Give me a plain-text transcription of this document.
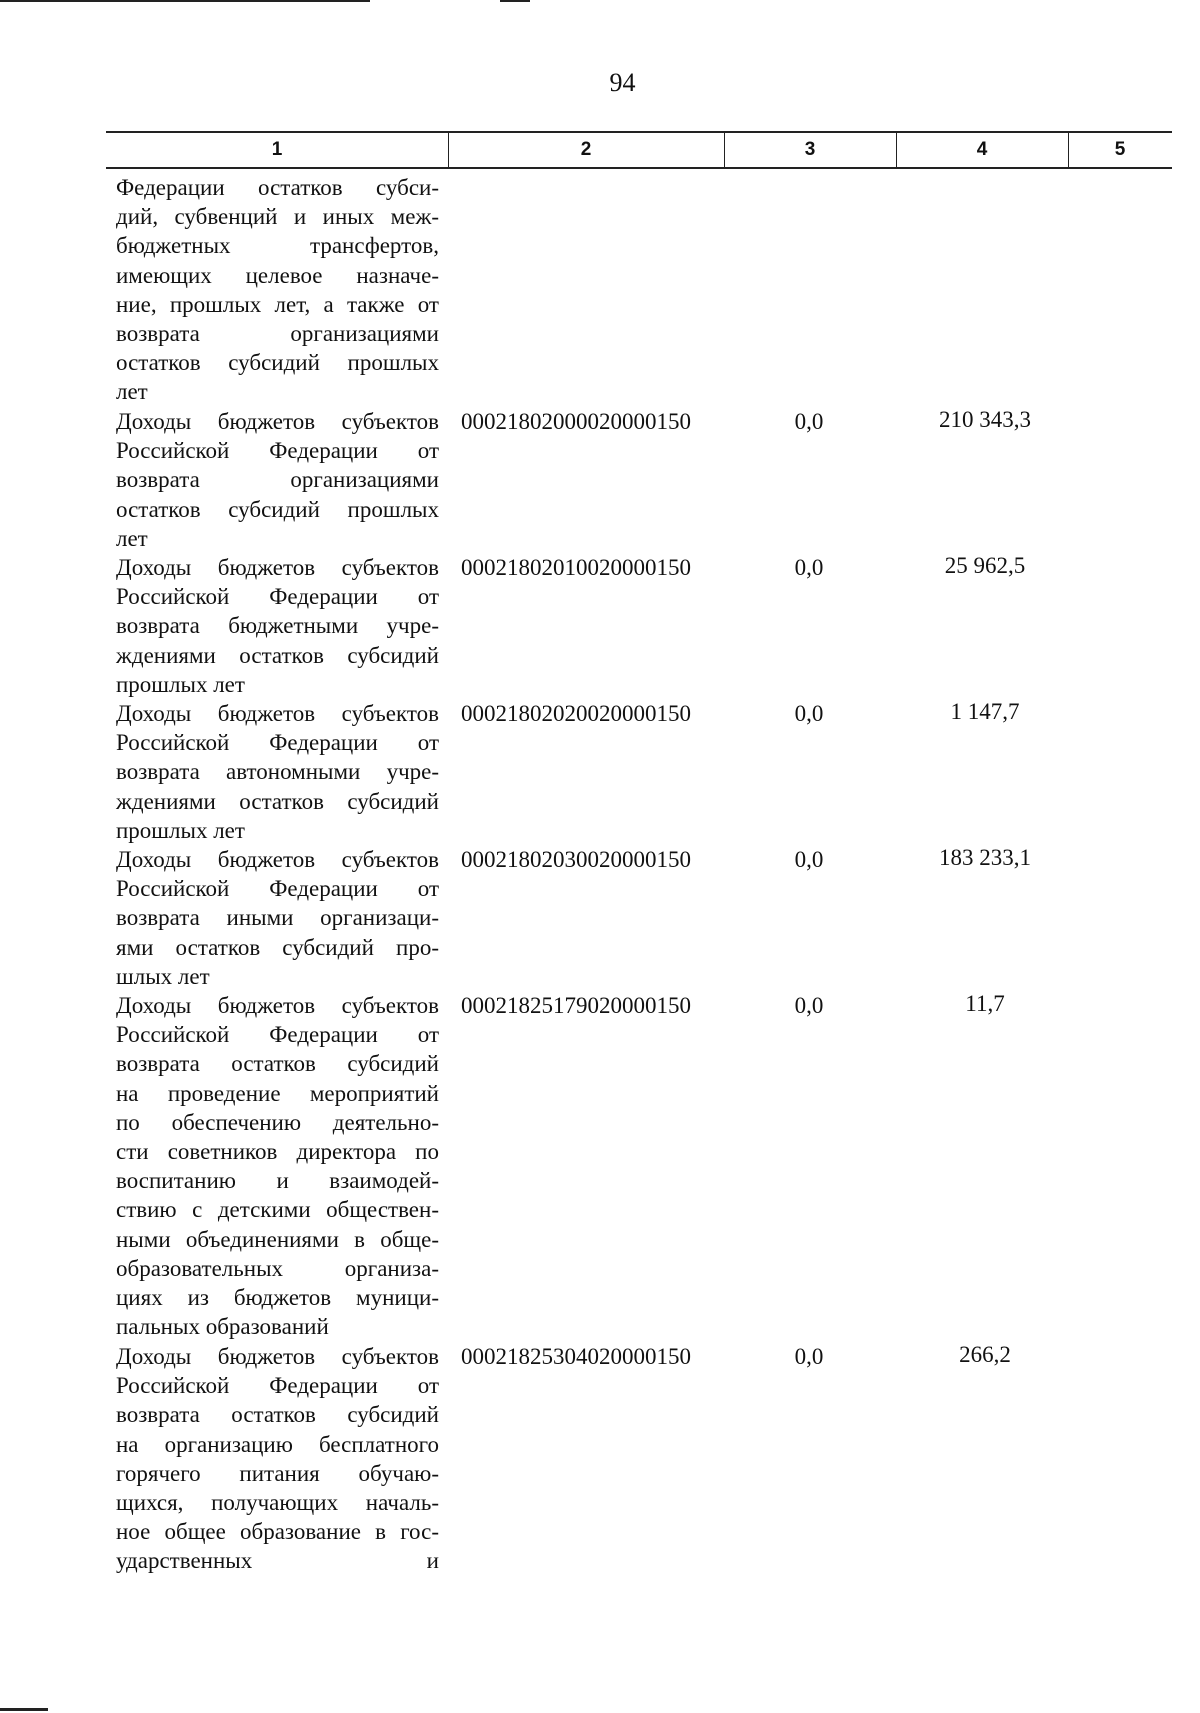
94
1	2	3	4	5
Федерации остатков субси-
дий, субвенций и иных меж-
бюджетных трансфертов,
имеющих целевое назначе-
ние, прошлых лет, а также от
возврата организациями
остатков субсидий прошлых
лет
Доходы бюджетов субъектов
Российской Федерации от
возврата организациями
остатков субсидий прошлых
лет
00021802000020000150	0,0	210 343,3
Доходы бюджетов субъектов
Российской Федерации от
возврата бюджетными учре-
ждениями остатков субсидий
прошлых лет
00021802010020000150	0,0	25 962,5
Доходы бюджетов субъектов
Российской Федерации от
возврата автономными учре-
ждениями остатков субсидий
прошлых лет
00021802020020000150	0,0	1 147,7
Доходы бюджетов субъектов
Российской Федерации от
возврата иными организаци-
ями остатков субсидий про-
шлых лет
00021802030020000150	0,0	183 233,1
Доходы бюджетов субъектов
Российской Федерации от
возврата остатков субсидий
на проведение мероприятий
по обеспечению деятельно-
сти советников директора по
воспитанию и взаимодей-
ствию с детскими обществен-
ными объединениями в обще-
образовательных организа-
циях из бюджетов муници-
пальных образований
00021825179020000150	0,0	11,7
Доходы бюджетов субъектов
Российской Федерации от
возврата остатков субсидий
на организацию бесплатного
горячего питания обучаю-
щихся, получающих началь-
ное общее образование в гос-
ударственных и
00021825304020000150	0,0	266,2
